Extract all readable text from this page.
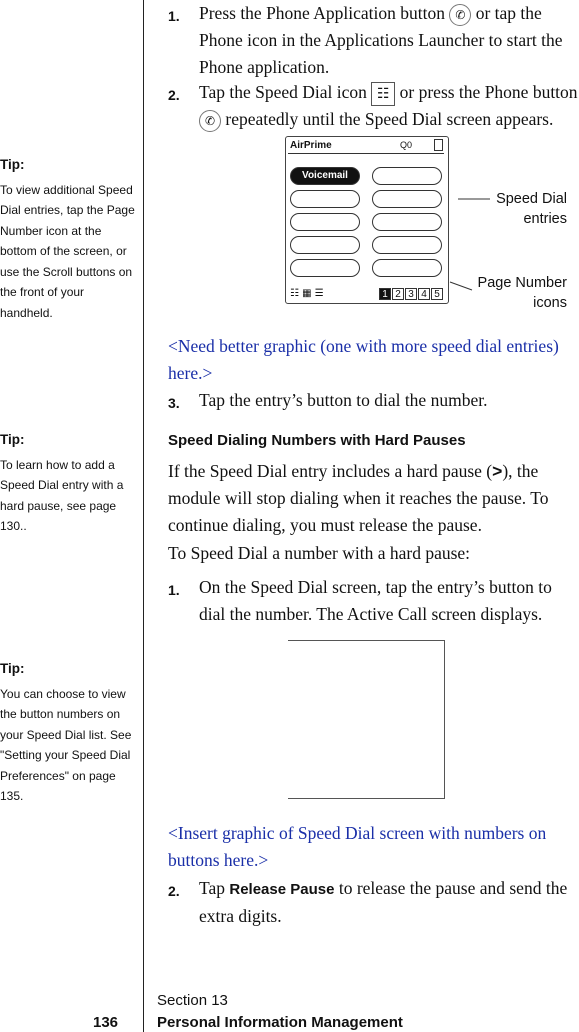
1. Press the Phone Application button ✆ or tap the Phone icon in the Applications Launcher to start the Phone application.
2. Tap the Speed Dial icon ☷ or press the Phone button ✆ repeatedly until the Speed Dial screen appears.
Tip:
To view additional Speed Dial entries, tap the Page Number icon at the bottom of the screen, or use the Scroll buttons on the front of your handheld.
AirPrime	Q0
Voicemail
☷ ▦ ☰	1 2 3 4 5
Speed Dial entries
Page Number icons
<Need better graphic (one with more speed dial entries) here.>
3. Tap the entry’s button to dial the number.
Tip:
To learn how to add a Speed Dial entry with a hard pause, see page 130..
Speed Dialing Numbers with Hard Pauses
If the Speed Dial entry includes a hard pause (>), the module will stop dialing when it reaches the pause. To continue dialing, you must release the pause.
To Speed Dial a number with a hard pause:
1. On the Speed Dial screen, tap the entry’s button to dial the number. The Active Call screen displays.
Tip:
You can choose to view the button numbers on your Speed Dial list. See "Setting your Speed Dial Preferences" on page 135.
<Insert graphic of Speed Dial screen with numbers on buttons here.>
2. Tap Release Pause to release the pause and send the extra digits.
136
Section 13
Personal Information Management
